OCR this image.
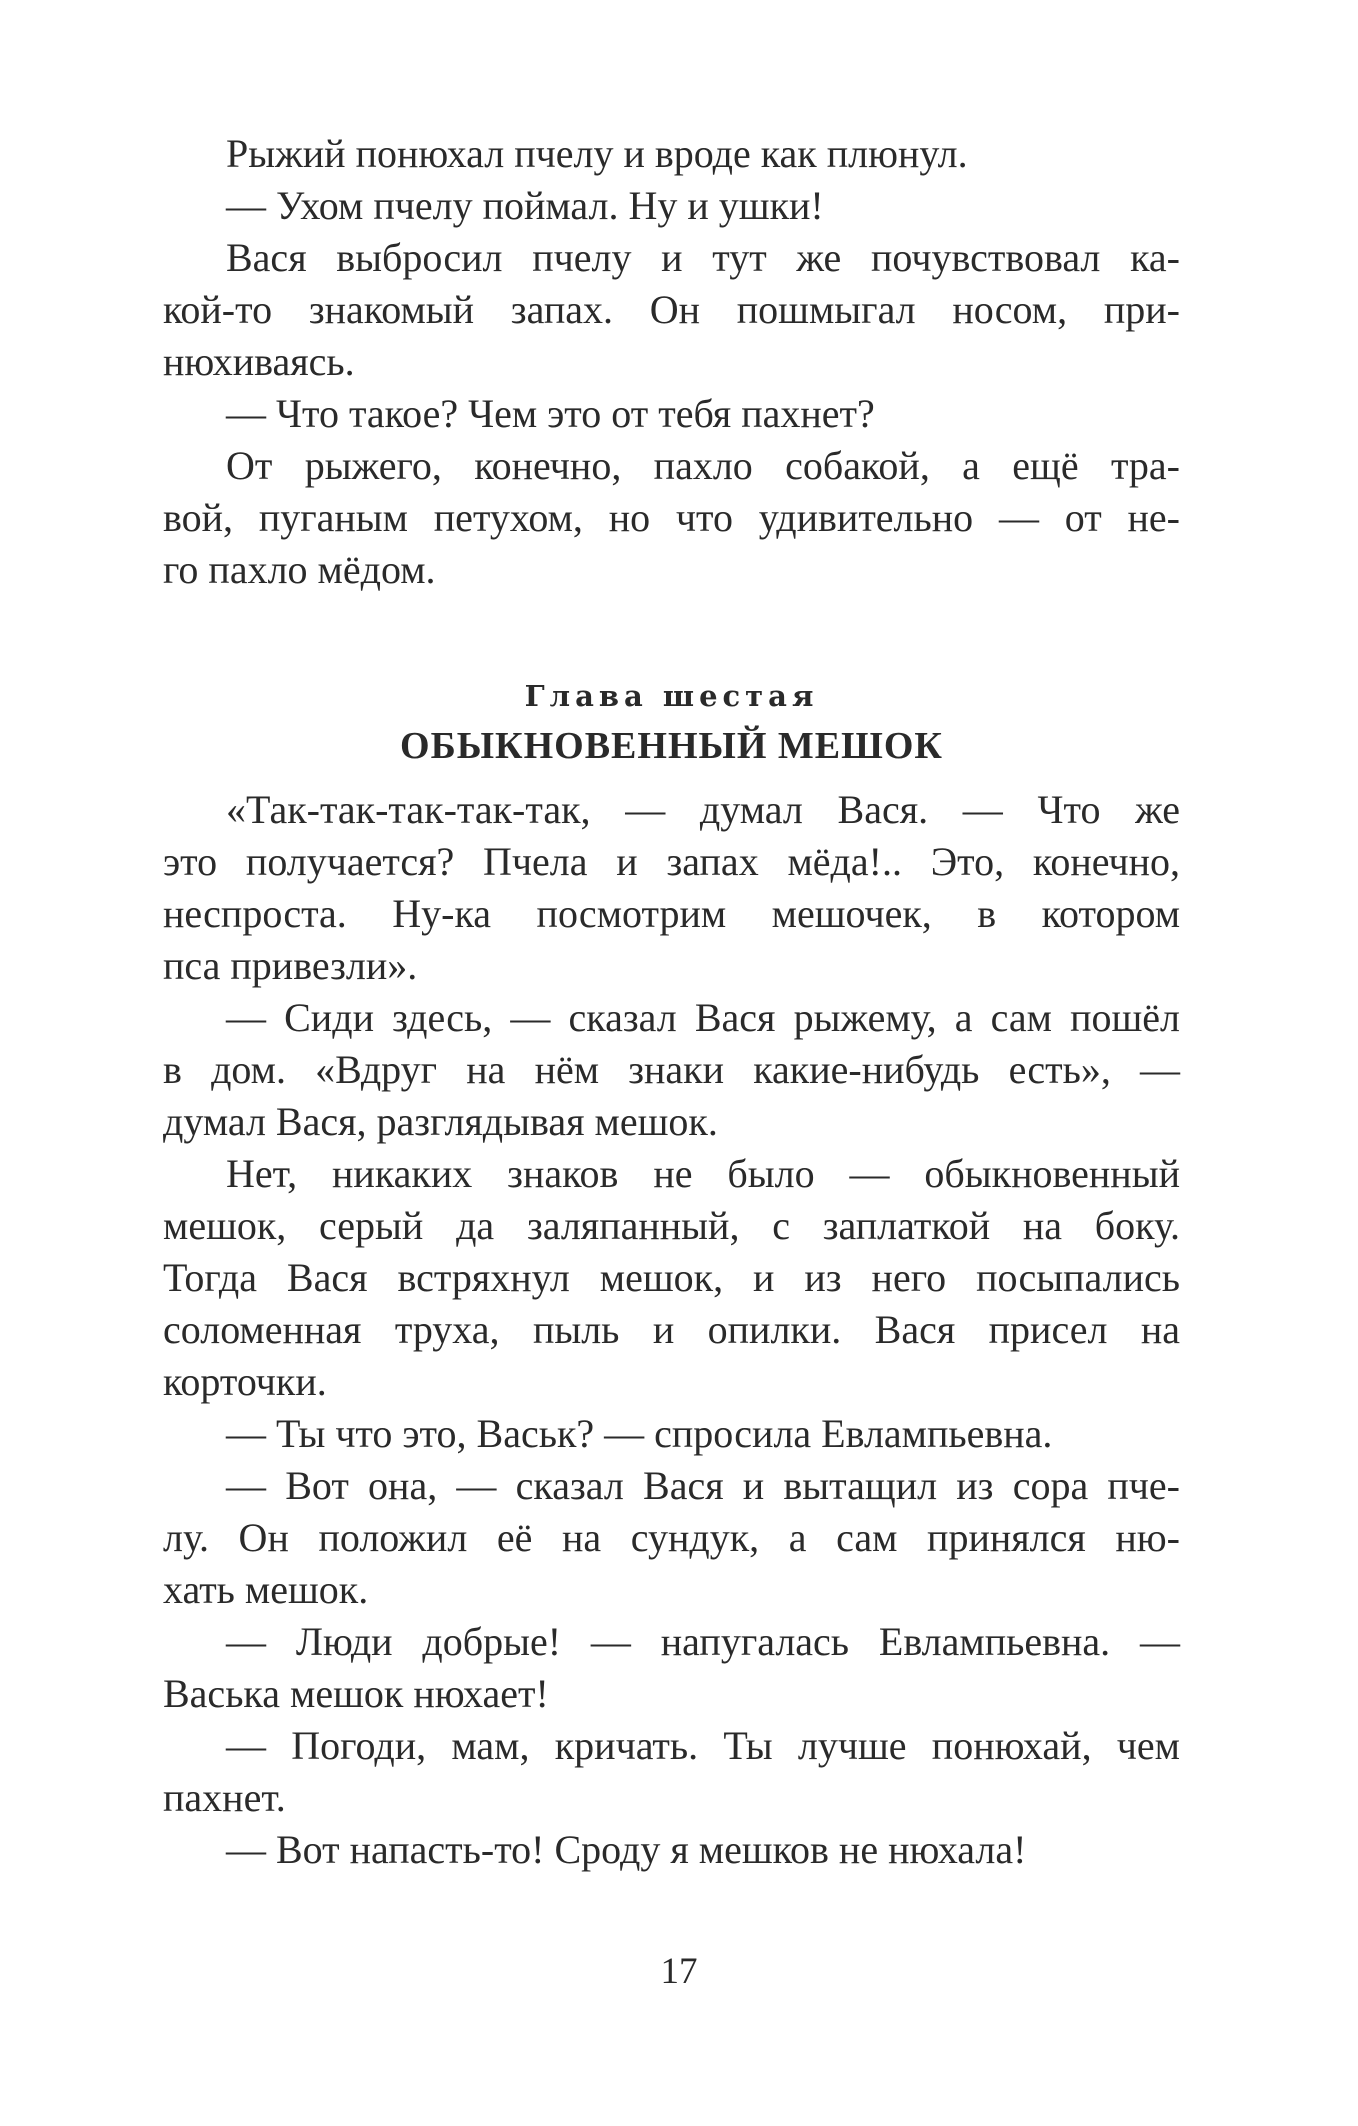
Рыжий понюхал пчелу и вроде как плюнул.
— Ухом пчелу поймал. Ну и ушки!
Вася выбросил пчелу и тут же почувствовал ка-
кой-то знакомый запах. Он пошмыгал носом, при-
нюхиваясь.
— Что такое? Чем это от тебя пахнет?
От рыжего, конечно, пахло собакой, а ещё тра-
вой, пуганым петухом, но что удивительно — от не-
го пахло мёдом.
Глава шестая
ОБЫКНОВЕННЫЙ МЕШОК
«Так-так-так-так-так, — думал Вася. — Что же
это получается? Пчела и запах мёда!.. Это, конечно,
неспроста. Ну-ка посмотрим мешочек, в котором
пса привезли».
— Сиди здесь, — сказал Вася рыжему, а сам пошёл
в дом. «Вдруг на нём знаки какие-нибудь есть», —
думал Вася, разглядывая мешок.
Нет, никаких знаков не было — обыкновенный
мешок, серый да заляпанный, с заплаткой на боку.
Тогда Вася встряхнул мешок, и из него посыпались
соломенная труха, пыль и опилки. Вася присел на
корточки.
— Ты что это, Васьк? — спросила Евлампьевна.
— Вот она, — сказал Вася и вытащил из сора пче-
лу. Он положил её на сундук, а сам принялся ню-
хать мешок.
— Люди добрые! — напугалась Евлампьевна. —
Васька мешок нюхает!
— Погоди, мам, кричать. Ты лучше понюхай, чем
пахнет.
— Вот напасть-то! Сроду я мешков не нюхала!
17
